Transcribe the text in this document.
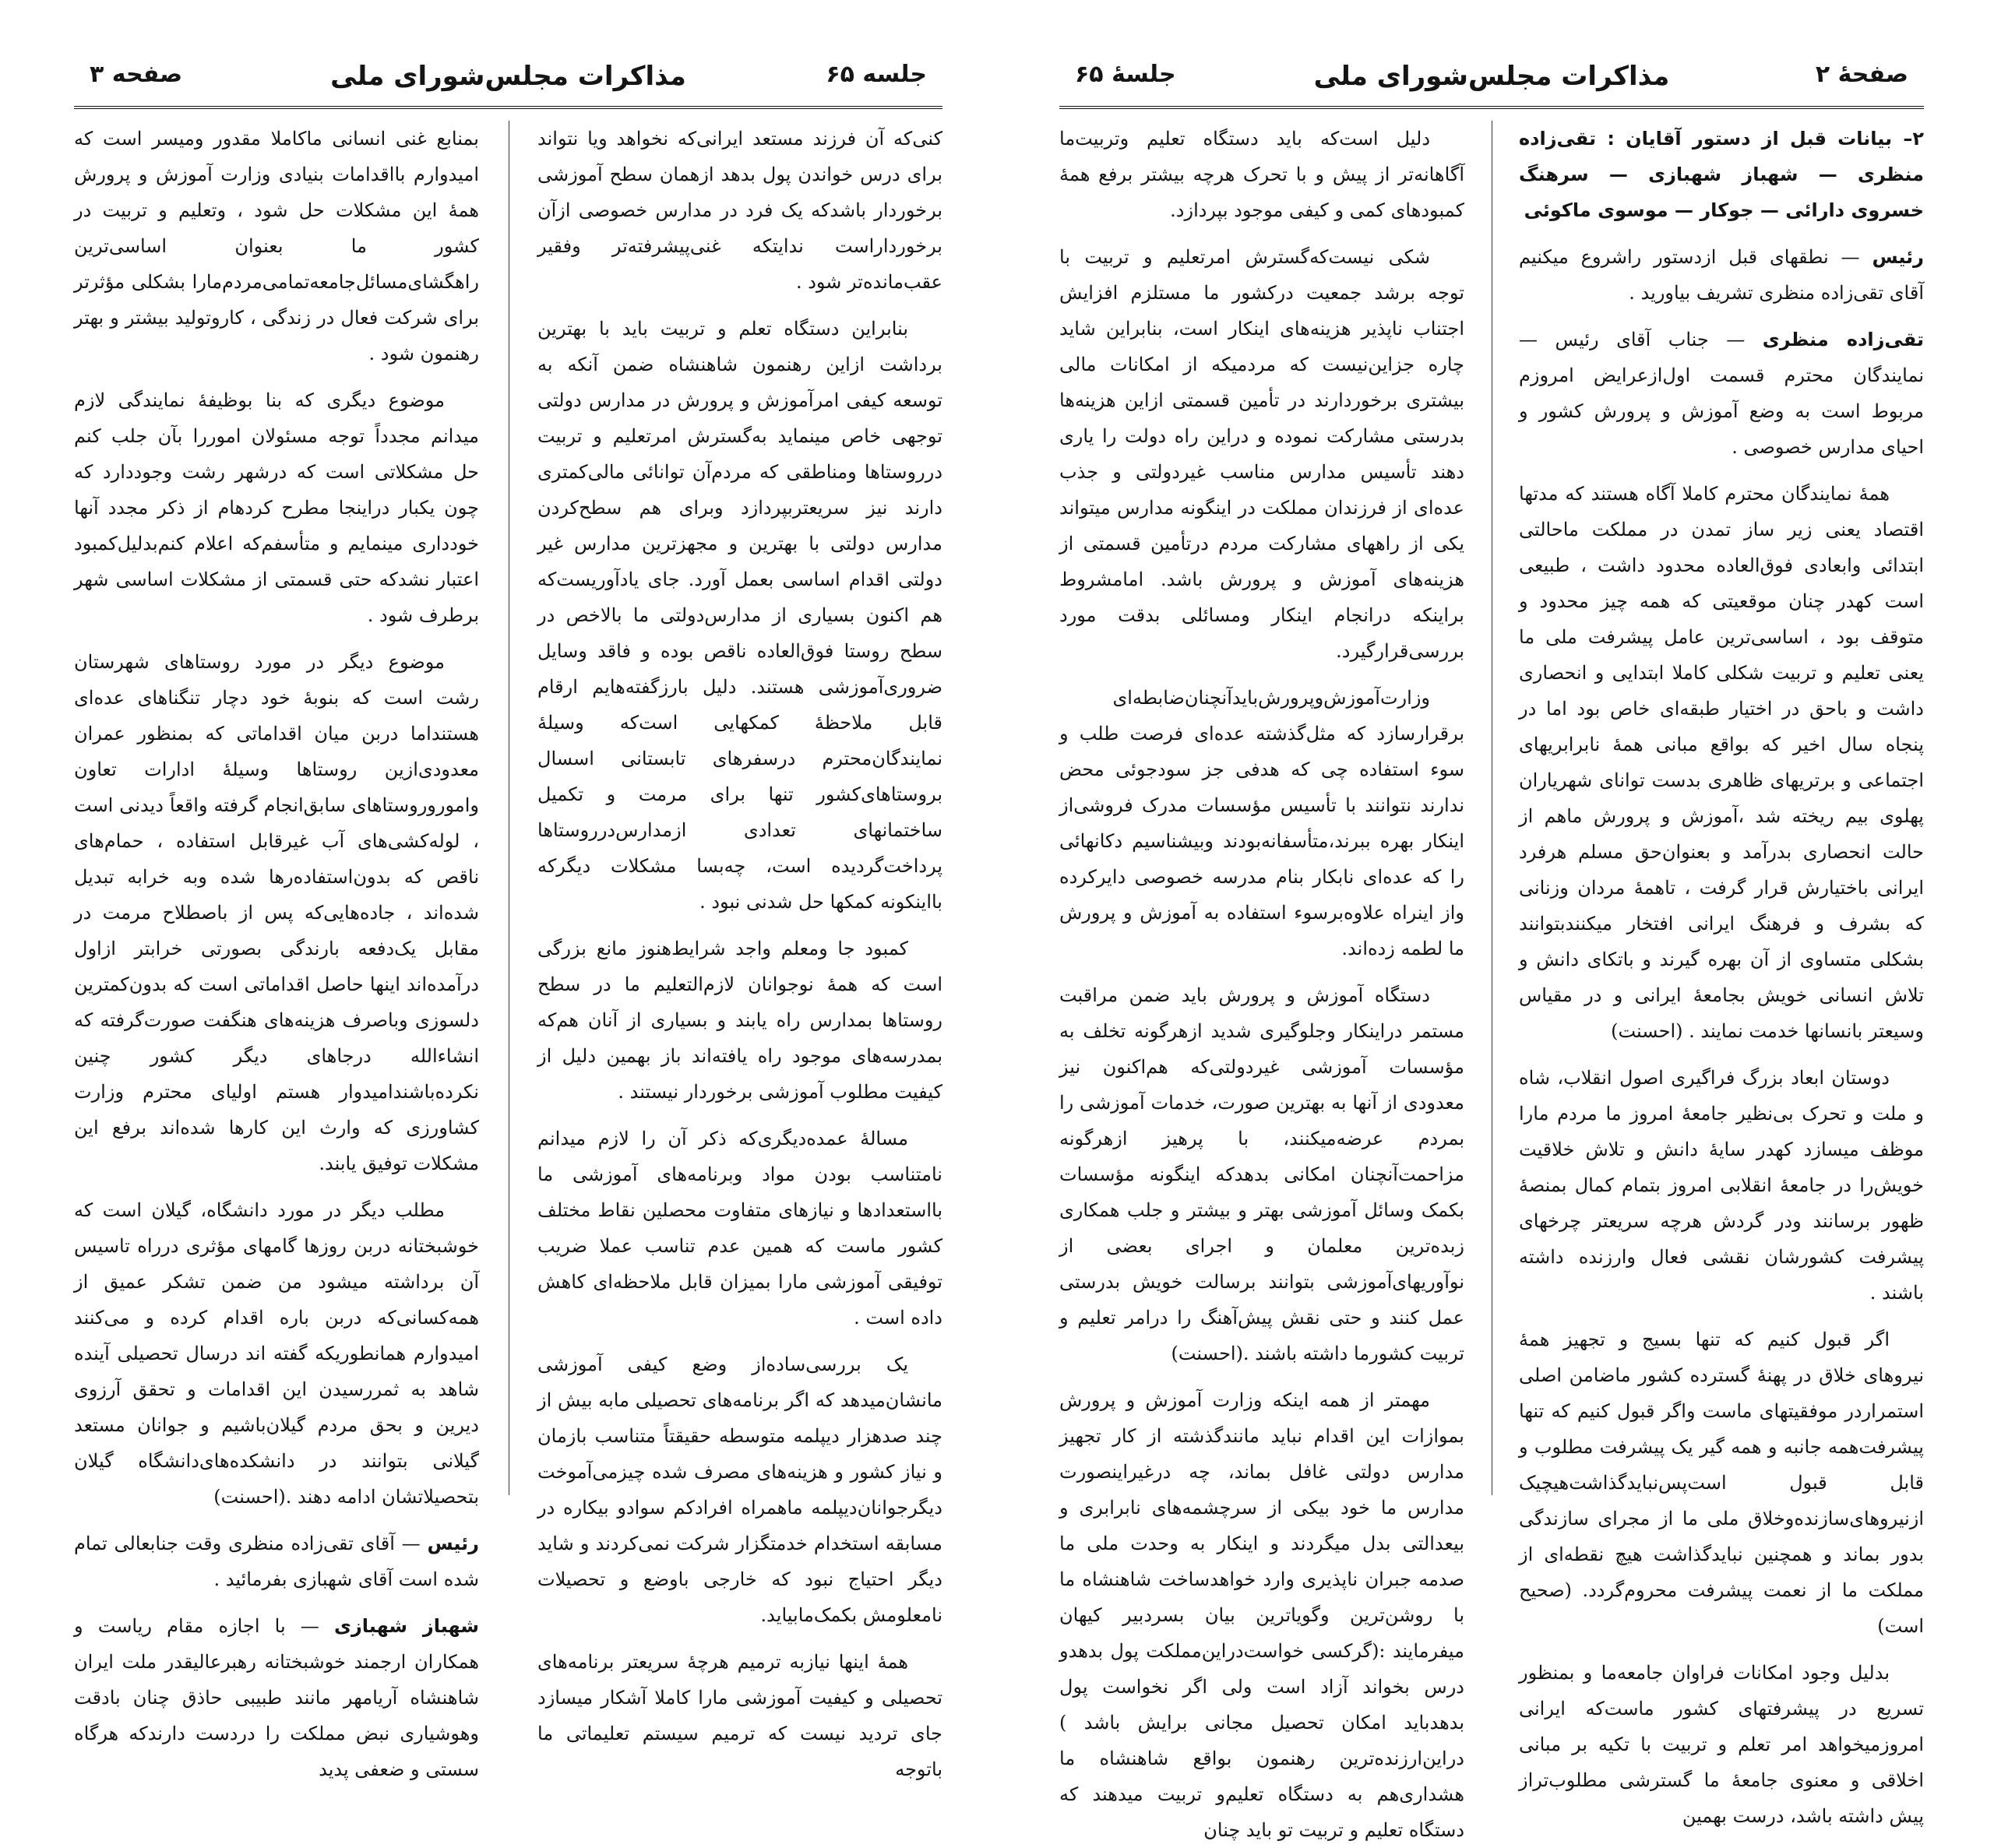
صفحهٔ ۲
مذاکرات مجلس‌شورای ملی
جلسهٔ ۶۵

۲– بیانات قبل از دستور آقایان : تقی‌زاده منظری — شهباز شهبازی — سرهنگ خسروی دارائی — جوکار — موسوی ماکوئی

رئیس — نطقهای قبل ازدستور راشروع میکنیم آقای تقی‌زاده منظری تشریف بیاورید .

تقی‌زاده منظری — جناب آقای رئیس — نمایندگان محترم قسمت اول‌ازعرایض امروزم مربوط است به وضع آموزش و پرورش کشور و احیای مدارس خصوصی .

همهٔ نمایندگان محترم کاملا آگاه هستند که مدتها اقتصاد یعنی زیر ساز تمدن در مملکت ماحالتی ابتدائی وابعادی فوق‌العاده محدود داشت ، طبیعی است کهدر چنان موقعیتی که همه چیز محدود و متوقف بود ، اساسی‌ترین عامل پیشرفت ملی ما یعنی تعلیم و تربیت شکلی کاملا ابتدایی و انحصاری داشت و باحق در اختیار طبقه‌ای خاص بود اما در پنجاه سال اخیر که بواقع مبانی همهٔ نابرابریهای اجتماعی و برتریهای ظاهری بدست توانای شهریاران پهلوی بیم ریخته شد ،آموزش و پرورش ماهم از حالت انحصاری بدرآمد و بعنوان‌حق مسلم هرفرد ایرانی باختیارش قرار گرفت ، تاهمهٔ مردان وزنانی که بشرف و فرهنگ ایرانی افتخار میکنندبتوانند بشکلی متساوی از آن بهره گیرند و باتکای دانش و تلاش انسانی خویش بجامعهٔ ایرانی و در مقیاس وسیعتر بانسانها خدمت نمایند . (احسنت)

دوستان ابعاد بزرگ فراگیری اصول انقلاب، شاه و ملت و تحرک بی‌نظیر جامعهٔ امروز ما مردم مارا موظف میسازد کهدر سایهٔ دانش و تلاش خلاقیت خویش‌را در جامعهٔ انقلابی امروز بتمام کمال بمنصهٔ ظهور برسانند ودر گردش هرچه سریعتر چرخهای پیشرفت کشورشان نقشی فعال وارزنده داشته باشند .

اگر قبول کنیم که تنها بسیج و تجهیز همهٔ نیروهای خلاق در پهنهٔ گسترده کشور ماضامن اصلی استمراردر موفقیتهای ماست واگر قبول کنیم که تنها پیشرفت‌همه جانبه و همه گیر یک پیشرفت مطلوب و قابل قبول است‌پس‌نبایدگذاشت‌هیچیک ازنیروهای‌سازنده‌وخلاق ملی ما از مجرای سازندگی بدور بماند و همچنین نبایدگذاشت هیچ نقطه‌ای از مملکت ما از نعمت پیشرفت محروم‌گردد. (صحیح است)

بدلیل وجود امکانات فراوان جامعه‌ما و بمنظور تسریع در پیشرفتهای کشور ماست‌که ایرانی امروزمیخواهد امر تعلم و تربیت با تکیه بر مبانی اخلاقی و معنوی جامعهٔ ما گسترشی مطلوب‌تراز پیش داشته باشد، درست بهمین

دلیل است‌که باید دستگاه تعلیم وتربیت‌ما آگاهانه‌تر از پیش و با تحرک هرچه بیشتر برفع همهٔ کمبودهای کمی و کیفی موجود بپردازد.

شکی نیست‌که‌گسترش امرتعلیم و تربیت با توجه برشد جمعیت درکشور ما مستلزم افزایش اجتناب ناپذیر هزینه‌های اینکار است، بنابراین شاید چاره جزاین‌نیست که مردمیکه از امکانات مالی بیشتری برخوردارند در تأمین قسمتی ازاین هزینه‌ها بدرستی مشارکت نموده و دراین راه دولت را یاری دهند تأسیس مدارس مناسب غیردولتی و جذب عده‌ای از فرزندان مملکت در اینگونه مدارس میتواند یکی از راههای مشارکت مردم درتأمین قسمتی از هزینه‌های آموزش و پرورش باشد. امامشروط براینکه درانجام اینکار ومسائلی بدقت مورد بررسی‌قرارگیرد.

وزارت‌آموزش‌وپرورش‌باید‌آنچنان‌ضابطه‌ای برقرارسازد که مثل‌گذشته عده‌ای فرصت طلب و سوء استفاده چی که هدفی جز سودجوئی محض ندارند نتوانند با تأسیس مؤسسات مدرک فروشی‌از اینکار بهره ببرند،متأسفانه‌بودند وبیشناسیم دکانهائی را که عده‌ای نابکار بنام مدرسه خصوصی دایرکرده واز اینراه علاوه‌برسوء استفاده به آموزش و پرورش ما لطمه زده‌اند.

دستگاه آموزش و پرورش باید ضمن مراقبت مستمر دراینکار وجلوگیری شدید ازهرگونه تخلف به مؤسسات آموزشی غیردولتی‌که هم‌اکنون نیز معدودی از آنها به بهترین صورت، خدمات آموزشی را بمردم عرضه‌میکنند، با پرهیز ازهرگونه مزاحمت‌آنچنان امکانی بدهدکه اینگونه مؤسسات بکمک وسائل آموزشی بهتر و بیشتر و جلب همکاری زبده‌ترین معلمان و اجرای بعضی از نوآوریهای‌آموزشی بتوانند برسالت خویش بدرستی عمل کنند و حتی نقش پیش‌آهنگ را درامر تعلیم و تربیت کشورما داشته باشند .(احسنت)

مهمتر از همه اینکه وزارت آموزش و پرورش بموازات این اقدام نباید مانندگذشته از کار تجهیز مدارس دولتی غافل بماند، چه درغیراینصورت مدارس ما خود بیکی از سرچشمه‌های نابرابری و بیعدالتی بدل میگردند و اینکار به وحدت ملی ما صدمه جبران ناپذیری وارد خواهدساخت شاهنشاه ما با روشن‌ترین وگویاترین بیان بسردبیر کیهان میفرمایند :(گرکسی خواست‌دراین‌مملکت پول بدهدو درس بخواند آزاد است ولی اگر نخواست پول بدهدباید امکان تحصیل مجانی برایش باشد ) دراین‌ارزنده‌ترین رهنمون بواقع شاهنشاه ما هشداری‌هم به دستگاه تعلیم‌و تربیت میدهند که دستگاه تعلیم و تربیت تو باید چنان

جلسه ۶۵
مذاکرات مجلس‌شورای ملی
صفحه ۳

کنی‌که آن فرزند مستعد ایرانی‌که نخواهد ویا نتواند برای درس خواندن پول بدهد ازهمان سطح آموزشی برخوردار باشدکه یک فرد در مدارس خصوصی ازآن برخورداراست ندایتکه غنی‌پیشرفته‌تر وفقیر عقب‌مانده‌تر شود .

بنابراین دستگاه تعلم و تربیت باید با بهترین برداشت ازاین رهنمون شاهنشاه ضمن آنکه به توسعه کیفی امرآموزش و پرورش در مدارس دولتی توجهی خاص مینماید به‌گسترش امرتعلیم و تربیت درروستاها ومناطقی که مردم‌آن توانائی مالی‌کمتری دارند نیز سریعتربپردازد وبرای هم سطح‌کردن مدارس دولتی با بهترین و مجهزترین مدارس غیر دولتی اقدام اساسی بعمل آورد. جای یادآوریست‌که هم اکنون بسیاری از مدارس‌دولتی ما بالاخص در سطح روستا فوق‌العاده ناقص بوده و فاقد وسایل ضروری‌آموزشی هستند. دلیل بارزگفته‌هایم ارقام قابل ملاحظهٔ کمکهایی است‌که وسیلهٔ نمایندگان‌محترم درسفرهای تابستانی اسسال بروستاهای‌کشور تنها برای مرمت و تکمیل ساختمانهای تعدادی ازمدارس‌درروستاها پرداخت‌گردیده است، چه‌بسا مشکلات دیگرکه بااینکونه کمکها حل شدنی نبود .

کمبود جا ومعلم واجد شرایط‌هنوز مانع بزرگی است که همهٔ نوجوانان لازم‌التعلیم ما در سطح روستاها بمدارس راه یابند و بسیاری از آنان هم‌که بمدرسه‌های موجود راه یافته‌اند باز بهمین دلیل از کیفیت مطلوب آموزشی برخوردار نیستند .

مسالهٔ عمده‌دیگری‌که ذکر آن را لازم میدانم نامتناسب بودن مواد وبرنامه‌های آموزشی ما بااستعدادها و نیازهای متفاوت محصلین نقاط مختلف کشور ماست که همین عدم تناسب عملا ضریب توفیقی آموزشی مارا بمیزان قابل ملاحظه‌ای کاهش داده است .

یک بررسی‌ساده‌از وضع کیفی آموزشی مانشان‌میدهد که اگر برنامه‌های تحصیلی مابه بیش از چند صدهزار دیپلمه متوسطه حقیقتاً متناسب بازمان و نیاز کشور و هزینه‌های مصرف شده چیزمی‌آموخت دیگرجوانان‌دیپلمه ماهمراه افرادکم سوادو بیکاره در مسابقه استخدام خدمتگزار شرکت نمی‌کردند و شاید دیگر احتیاج نبود که خارجی باوضع و تحصیلات نامعلومش بکمک‌مابیاید.

همهٔ اینها نیازبه ترمیم هرچهٔ سریعتر برنامه‌های تحصیلی و کیفیت آموزشی مارا کاملا آشکار میسازد جای تردید نیست که ترمیم سیستم تعلیماتی ما باتوجه

بمنابع غنی انسانی ماکاملا مقدور ومیسر است که امیدوارم بااقدامات بنیادی وزارت آموزش و پرورش همهٔ این مشکلات حل شود ، وتعلیم و تربیت در کشور ما بعنوان اساسی‌ترین راهگشای‌مسائل‌جامعه‌تمامی‌مردم‌مارا بشکلی مؤثرتر برای شرکت فعال در زندگی ، کاروتولید بیشتر و بهتر رهنمون شود .

موضوع دیگری که بنا بوظیفهٔ نمایندگی لازم میدانم مجدداً توجه مسئولان اموررا بآن جلب کنم حل مشکلاتی است که درشهر رشت وجوددارد که چون یکبار دراینجا مطرح کردهام از ذکر مجدد آنها خودداری مینمایم و متأسفم‌که اعلام کنم‌بدلیل‌کمبود اعتبار نشدکه حتی قسمتی از مشکلات اساسی شهر برطرف شود .

موضوع دیگر در مورد روستاهای شهرستان رشت است که بنوبهٔ خود دچار تنگناهای عده‌ای هستنداما دربن میان اقداماتی که بمنظور عمران معدودی‌ازین روستاها وسیلهٔ ادارات تعاون واموروروستاهای سابق‌انجام گرفته واقعاً دیدنی است ، لوله‌کشی‌های آب غیرقابل استفاده ، حمام‌های ناقص که بدون‌استفاده‌رها شده وبه خرابه تبدیل شده‌اند ، جاده‌هایی‌که پس از باصطلاح مرمت در مقابل یک‌دفعه بارندگی بصورتی خرابتر ازاول درآمده‌اند اینها حاصل اقداماتی است که بدون‌کمترین دلسوزی وباصرف هزینه‌های هنگفت صورت‌گرفته که انشاءالله درجاهای دیگر کشور چنین نکرده‌باشند‌امیدوار هستم اولیای محترم وزارت کشاورزی که وارث این کارها شده‌اند برفع این مشکلات توفیق یابند.

مطلب دیگر در مورد دانشگاه، گیلان است که خوشبختانه دربن روزها گامهای مؤثری درراه تاسیس آن برداشته میشود من ضمن تشکر عمیق از همه‌کسانی‌که دربن باره اقدام کرده و می‌کنند امیدوارم همانطوریکه گفته اند درسال تحصیلی آینده شاهد به ثمررسیدن این اقدامات و تحقق آرزوی دیرین و بحق مردم گیلان‌باشیم و جوانان مستعد گیلانی بتوانند در دانشکده‌های‌دانشگاه گیلان بتحصیلاتشان ادامه دهند .(احسنت)

رئیس — آقای تقی‌زاده منظری وقت جنابعالی تمام شده است آقای شهبازی بفرمائید .

شهباز شهبازی — با اجازه مقام ریاست و همکاران ارجمند خوشبختانه رهبرعالیقدر ملت ایران شاهنشاه آریامهر مانند طبیبی حاذق چنان بادقت وهوشیاری نبض مملکت را دردست دارندکه هرگاه سستی و ضعفی پدید
